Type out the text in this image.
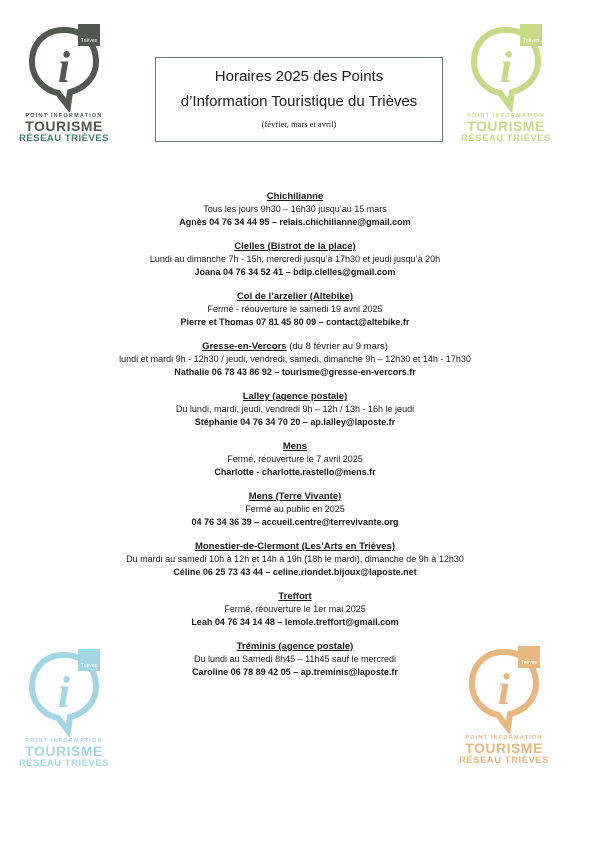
i
Trièves
POINT INFORMATION
TOURISME
RÉSEAU TRIÈVES
i
Trièves
POINT INFORMATION
TOURISME
RÉSEAU TRIÈVES
i
Trièves
POINT INFORMATION
TOURISME
RÉSEAU TRIÈVES
i
Trièves
POINT INFORMATION
TOURISME
RÉSEAU TRIÈVES
Horaires 2025 des Points
d’Information Touristique du Trièves
(février, mars et avril)
Chichilianne
Tous les jours 9h30 – 16h30 jusqu’au 15 mars
Agnès 04 76 34 44 95 – relais.chichilianne@gmail.com
Clelles (Bistrot de la place)
Lundi au dimanche 7h - 15h, mercredi jusqu’à 17h30 et jeudi jusqu’à 20h
Joana 04 76 34 52 41 – bdlp.clelles@gmail.com
Col de l’arzelier (Altebike)
Fermé - réouverture le samedi 19 avril 2025
Pierre et Thomas 07 81 45 80 09 – contact@altebike.fr
Gresse-en-Vercors (du 8 février au 9 mars)
lundi et mardi 9h - 12h30 / jeudi, vendredi, samedi, dimanche 9h – 12h30 et 14h - 17h30
Nathalie 06 78 43 86 92 – tourisme@gresse-en-vercors.fr
Lalley (agence postale)
Du lundi, mardi, jeudi, vendredi 9h – 12h / 13h - 16h le jeudi
Stéphanie 04 76 34 70 20 – ap.lalley@laposte.fr
Mens
Fermé, réouverture le 7 avril 2025
Charlotte - charlotte.rastello@mens.fr
Mens (Terre Vivante)
Fermé au public en 2025
04 76 34 36 39 – accueil.centre@terrevivante.org
Monestier-de-Clermont (Les’Arts en Trièves)
Du mardi au samedi 10h à 12h et 14h à 19h (18h le mardi), dimanche de 9h à 12h30
Céline 06 25 73 43 44 – celine.riondet.bijoux@laposte.net
Treffort
Fermé, réouverture le 1er mai 2025
Leah 04 76 34 14 48 – lemole.treffort@gmail.com
Tréminis (agence postale)
Du lundi au Samedi 8h45 – 11h45 sauf le mercredi
Caroline 06 78 89 42 05 – ap.treminis@laposte.fr
